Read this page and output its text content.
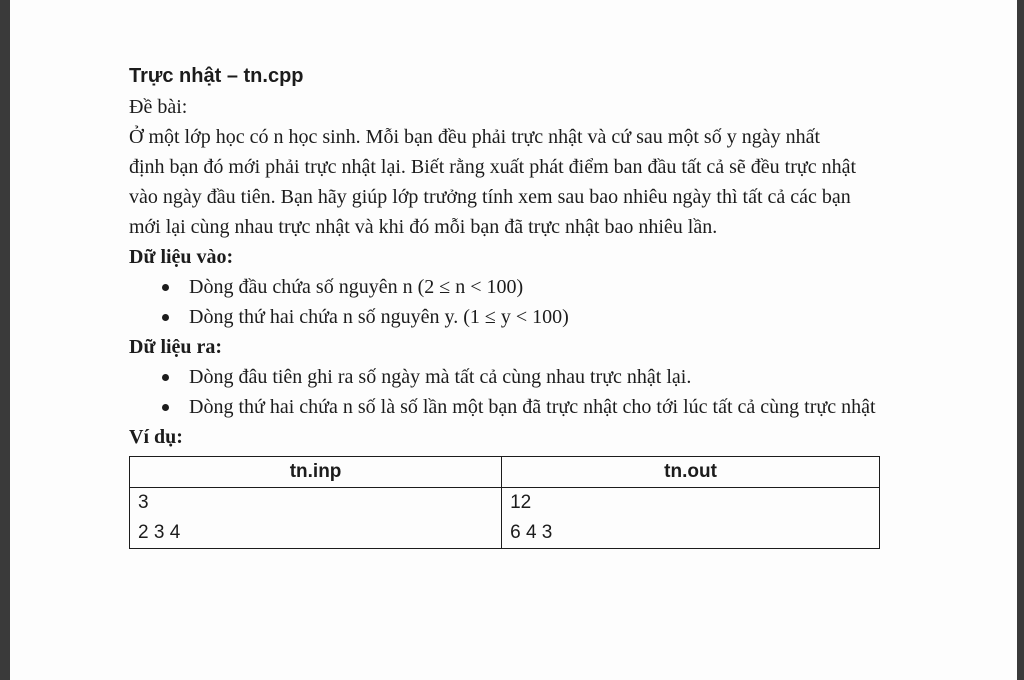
Trực nhật – tn.cpp
Đề bài:

Ở một lớp học có n học sinh. Mỗi bạn đều phải trực nhật và cứ sau một số y ngày nhất

định bạn đó mới phải trực nhật lại. Biết rằng xuất phát điểm ban đầu tất cả sẽ đều trực nhật

vào ngày đầu tiên. Bạn hãy giúp lớp trưởng tính xem sau bao nhiêu ngày thì tất cả các bạn

mới lại cùng nhau trực nhật và khi đó mỗi bạn đã trực nhật bao nhiêu lần.

Dữ liệu vào:
Dòng đầu chứa số nguyên n (2 ≤ n < 100)
Dòng thứ hai chứa n số nguyên y. (1 ≤ y < 100)
Dữ liệu ra:
Dòng đâu tiên ghi ra số ngày mà tất cả cùng nhau trực nhật lại.
Dòng thứ hai chứa n số là số lần một bạn đã trực nhật cho tới lúc tất cả cùng trực nhật
Ví dụ:
tn.inp	tn.out
3	12
2 3 4	6 4 3
